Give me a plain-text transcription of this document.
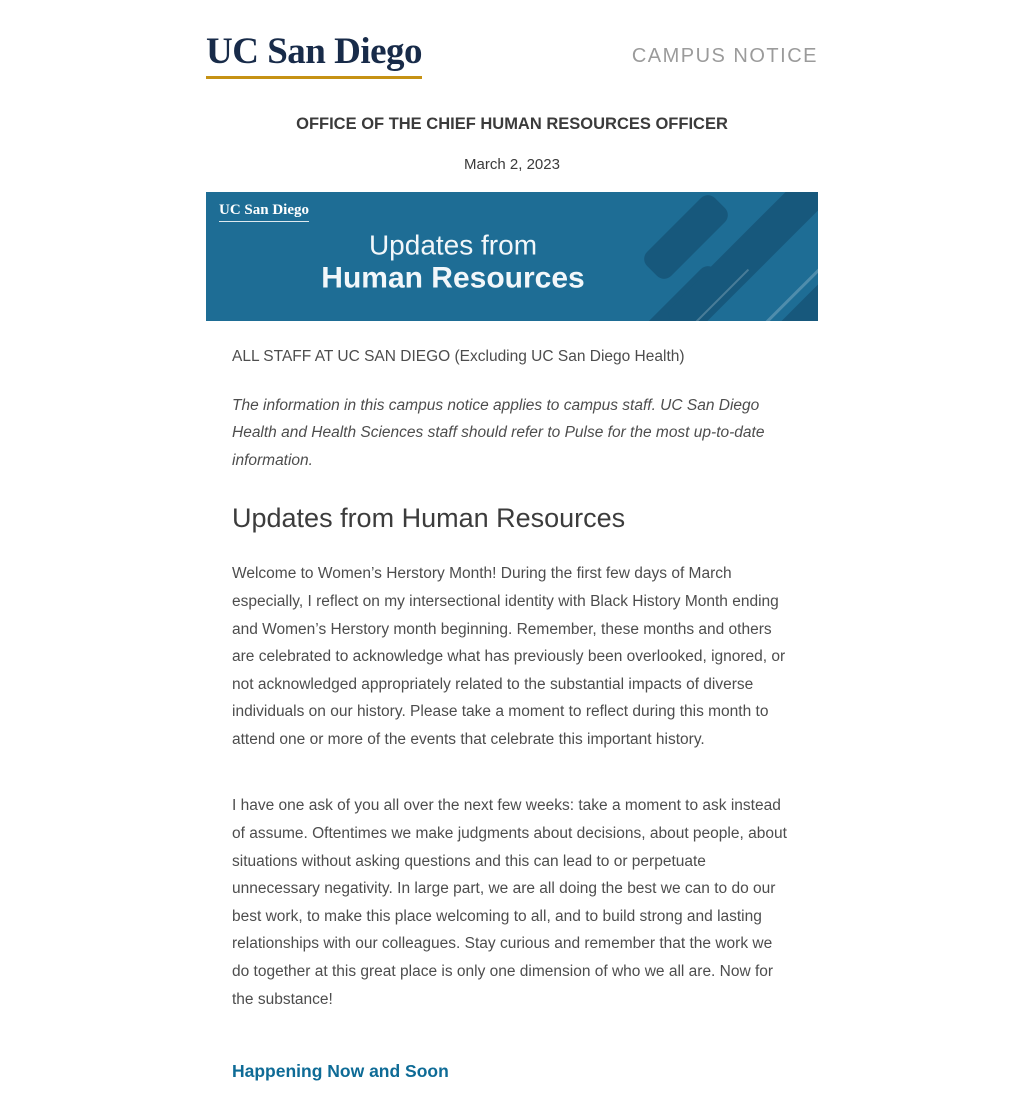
UC San Diego	CAMPUS NOTICE
OFFICE OF THE CHIEF HUMAN RESOURCES OFFICER
March 2, 2023
UC San Diego
Updates from
Human Resources

ALL STAFF AT UC SAN DIEGO (Excluding UC San Diego Health)

The information in this campus notice applies to campus staff. UC San Diego Health and Health Sciences staff should refer to Pulse for the most up-to-date information.

Updates from Human Resources

Welcome to Women’s Herstory Month! During the first few days of March especially, I reflect on my intersectional identity with Black History Month ending and Women’s Herstory month beginning. Remember, these months and others are celebrated to acknowledge what has previously been overlooked, ignored, or not acknowledged appropriately related to the substantial impacts of diverse individuals on our history. Please take a moment to reflect during this month to attend one or more of the events that celebrate this important history.

I have one ask of you all over the next few weeks: take a moment to ask instead of assume. Oftentimes we make judgments about decisions, about people, about situations without asking questions and this can lead to or perpetuate unnecessary negativity. In large part, we are all doing the best we can to do our best work, to make this place welcoming to all, and to build strong and lasting relationships with our colleagues. Stay curious and remember that the work we do together at this great place is only one dimension of who we all are. Now for the substance!

Happening Now and Soon
